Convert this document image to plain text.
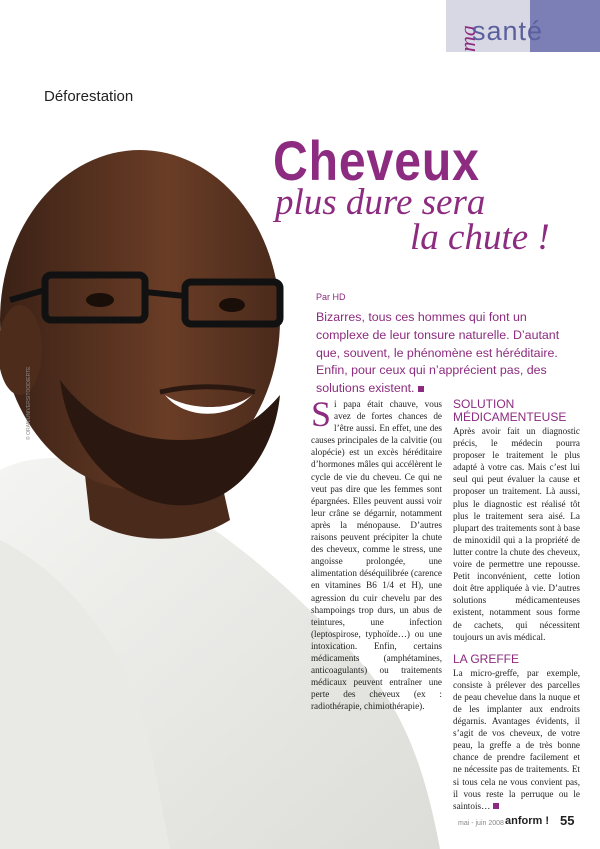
ma
santé
Déforestation
© ORAN/UNIVERSITOODIERTE
Cheveux
plus dure sera
la chute !
Par HD
Bizarres, tous ces hommes qui font un complexe de leur tonsure naturelle. D’autant que, souvent, le phénomène est héréditaire. Enfin, pour ceux qui n’apprécient pas, des solutions existent.
Si papa était chauve, vous avez de fortes chances de l’être aussi. En effet, une des causes principales de la calvitie (ou alopécie) est un excès héréditaire d’hormones mâles qui accélèrent le cycle de vie du cheveu. Ce qui ne veut pas dire que les femmes sont épargnées. Elles peuvent aussi voir leur crâne se dégarnir, notamment après la ménopause. D’autres raisons peuvent précipiter la chute des cheveux, comme le stress, une angoisse prolongée, une alimentation déséquilibrée (carence en vitamines B6 1/4 et H), une agression du cuir chevelu par des shampoings trop durs, un abus de teintures, une infection (leptospirose, typhoïde…) ou une intoxication. Enfin, certains médicaments (amphétamines, anticoagulants) ou traitements médicaux peuvent entraîner une perte des cheveux (ex : radiothérapie, chimiothérapie).
SOLUTION MÉDICAMENTEUSE

Après avoir fait un diagnostic précis, le médecin pourra proposer le traitement le plus adapté à votre cas. Mais c’est lui seul qui peut évaluer la cause et proposer un traitement. Là aussi, plus le diagnostic est réalisé tôt plus le traitement sera aisé. La plupart des traitements sont à base de minoxidil qui a la propriété de lutter contre la chute des cheveux, voire de permettre une repousse. Petit inconvénient, cette lotion doit être appliquée à vie. D’autres solutions médicamenteuses existent, notamment sous forme de cachets, qui nécessitent toujours un avis médical.

LA GREFFE

La micro-greffe, par exemple, consiste à prélever des parcelles de peau chevelue dans la nuque et de les implanter aux endroits dégarnis. Avantages évidents, il s’agit de vos cheveux, de votre peau, la greffe a de très bonne chance de prendre facilement et ne nécessite pas de traitements. Et si tous cela ne vous convient pas, il vous reste la perruque ou le saintois…

mai - juin 2008 anform ! 55
